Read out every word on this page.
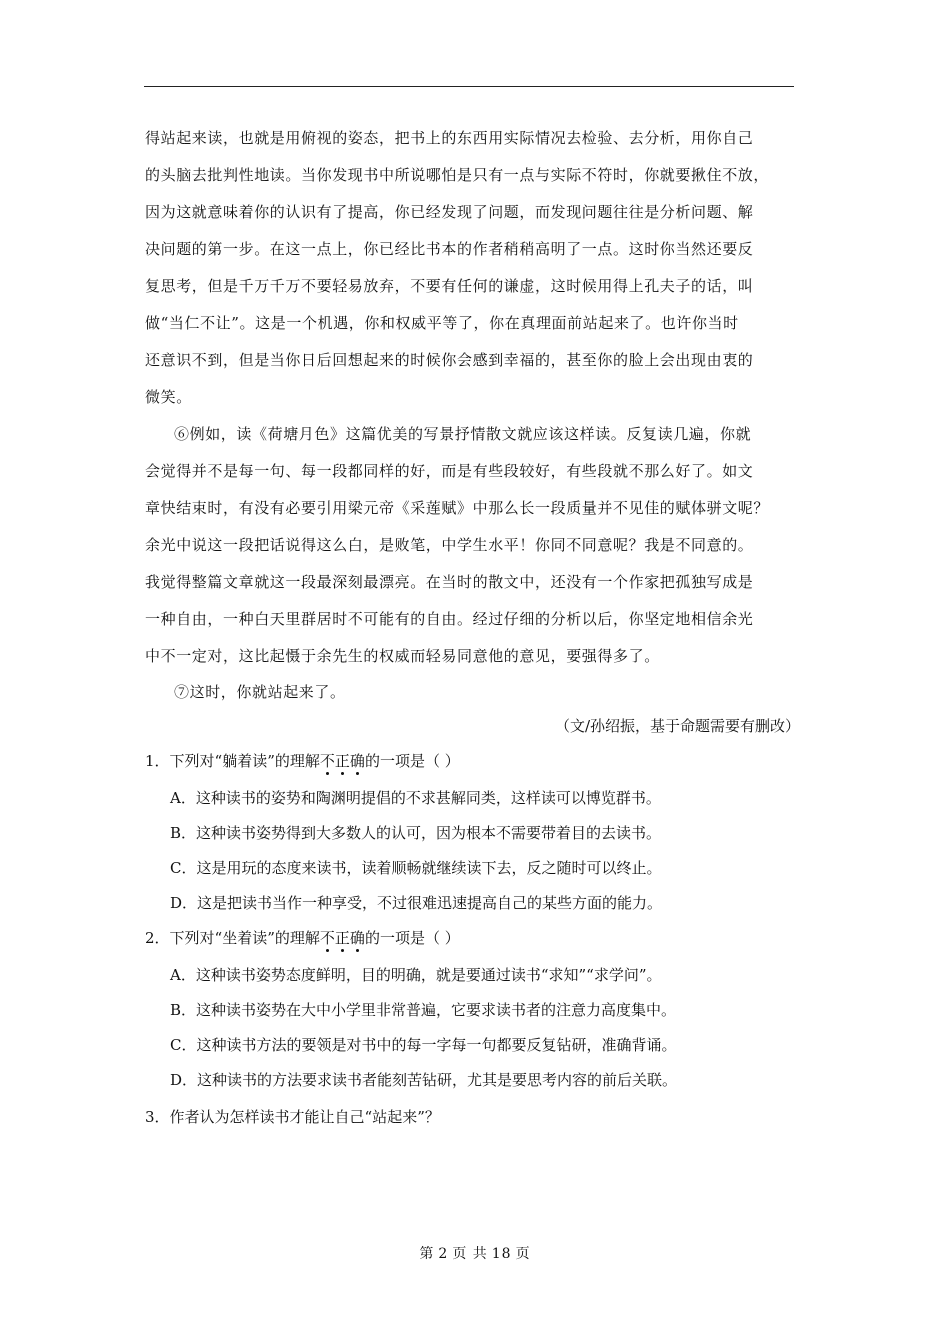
得站起来读，也就是用俯视的姿态，把书上的东西用实际情况去检验、去分析，用你自己
的头脑去批判性地读。当你发现书中所说哪怕是只有一点与实际不符时，你就要揪住不放，
因为这就意味着你的认识有了提高，你已经发现了问题，而发现问题往往是分析问题、解
决问题的第一步。在这一点上，你已经比书本的作者稍稍高明了一点。这时你当然还要反
复思考，但是千万千万不要轻易放弃，不要有任何的谦虚，这时候用得上孔夫子的话，叫
做“当仁不让”。这是一个机遇，你和权威平等了，你在真理面前站起来了。也许你当时
还意识不到，但是当你日后回想起来的时候你会感到幸福的，甚至你的脸上会出现由衷的
微笑。
⑥例如，读《荷塘月色》这篇优美的写景抒情散文就应该这样读。反复读几遍，你就
会觉得并不是每一句、每一段都同样的好，而是有些段较好，有些段就不那么好了。如文
章快结束时，有没有必要引用梁元帝《采莲赋》中那么长一段质量并不见佳的赋体骈文呢？
余光中说这一段把话说得这么白，是败笔，中学生水平！你同不同意呢？我是不同意的。
我觉得整篇文章就这一段最深刻最漂亮。在当时的散文中，还没有一个作家把孤独写成是
一种自由，一种白天里群居时不可能有的自由。经过仔细的分析以后，你坚定地相信余光
中不一定对，这比起慑于余先生的权威而轻易同意他的意见，要强得多了。
⑦这时，你就站起来了。
（文/孙绍振，基于命题需要有删改）
1．下列对“躺着读”的理解不正确的一项是（ ）
A．这种读书的姿势和陶渊明提倡的不求甚解同类，这样读可以博览群书。
B．这种读书姿势得到大多数人的认可，因为根本不需要带着目的去读书。
C．这是用玩的态度来读书，读着顺畅就继续读下去，反之随时可以终止。
D．这是把读书当作一种享受，不过很难迅速提高自己的某些方面的能力。
2．下列对“坐着读”的理解不正确的一项是（ ）
A．这种读书姿势态度鲜明，目的明确，就是要通过读书“求知”“求学问”。
B．这种读书姿势在大中小学里非常普遍，它要求读书者的注意力高度集中。
C．这种读书方法的要领是对书中的每一字每一句都要反复钻研，准确背诵。
D．这种读书的方法要求读书者能刻苦钻研，尤其是要思考内容的前后关联。
3．作者认为怎样读书才能让自己“站起来”？
第 2 页 共 18 页
